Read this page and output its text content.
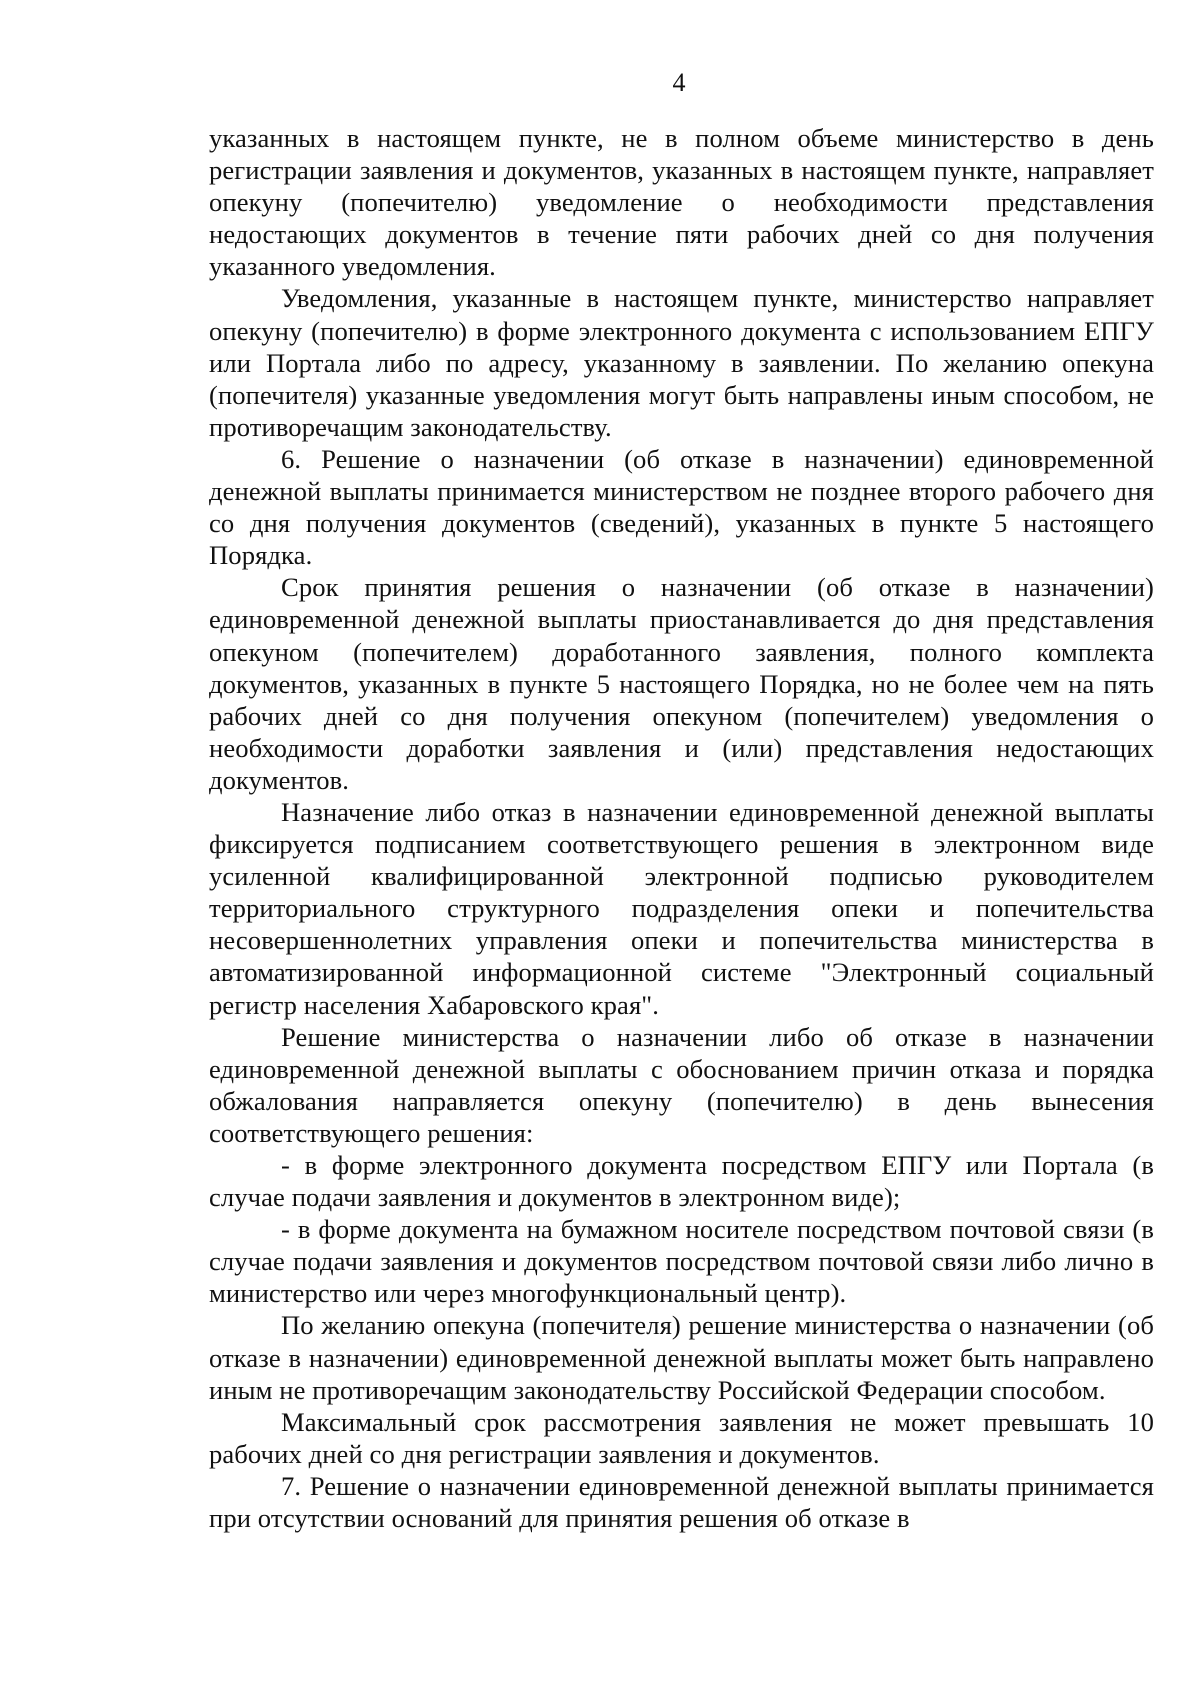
4

указанных в настоящем пункте, не в полном объеме министерство в день регистрации заявления и документов, указанных в настоящем пункте, направляет опекуну (попечителю) уведомление о необходимости представления недостающих документов в течение пяти рабочих дней со дня получения указанного уведомления.

Уведомления, указанные в настоящем пункте, министерство направляет опекуну (попечителю) в форме электронного документа с использованием ЕПГУ или Портала либо по адресу, указанному в заявлении. По желанию опекуна (попечителя) указанные уведомления могут быть направлены иным способом, не противоречащим законодательству.

6. Решение о назначении (об отказе в назначении) единовременной денежной выплаты принимается министерством не позднее второго рабочего дня со дня получения документов (сведений), указанных в пункте 5 настоящего Порядка.

Срок принятия решения о назначении (об отказе в назначении) единовременной денежной выплаты приостанавливается до дня представления опекуном (попечителем) доработанного заявления, полного комплекта документов, указанных в пункте 5 настоящего Порядка, но не более чем на пять рабочих дней со дня получения опекуном (попечителем) уведомления о необходимости доработки заявления и (или) представления недостающих документов.

Назначение либо отказ в назначении единовременной денежной выплаты фиксируется подписанием соответствующего решения в электронном виде усиленной квалифицированной электронной подписью руководителем территориального структурного подразделения опеки и попечительства несовершеннолетних управления опеки и попечительства министерства в автоматизированной информационной системе "Электронный социальный регистр населения Хабаровского края".

Решение министерства о назначении либо об отказе в назначении единовременной денежной выплаты с обоснованием причин отказа и порядка обжалования направляется опекуну (попечителю) в день вынесения соответствующего решения:

- в форме электронного документа посредством ЕПГУ или Портала (в случае подачи заявления и документов в электронном виде);

- в форме документа на бумажном носителе посредством почтовой связи (в случае подачи заявления и документов посредством почтовой связи либо лично в министерство или через многофункциональный центр).

По желанию опекуна (попечителя) решение министерства о назначении (об отказе в назначении) единовременной денежной выплаты может быть направлено иным не противоречащим законодательству Российской Федерации способом.

Максимальный срок рассмотрения заявления не может превышать 10 рабочих дней со дня регистрации заявления и документов.

7. Решение о назначении единовременной денежной выплаты принимается при отсутствии оснований для принятия решения об отказе в
